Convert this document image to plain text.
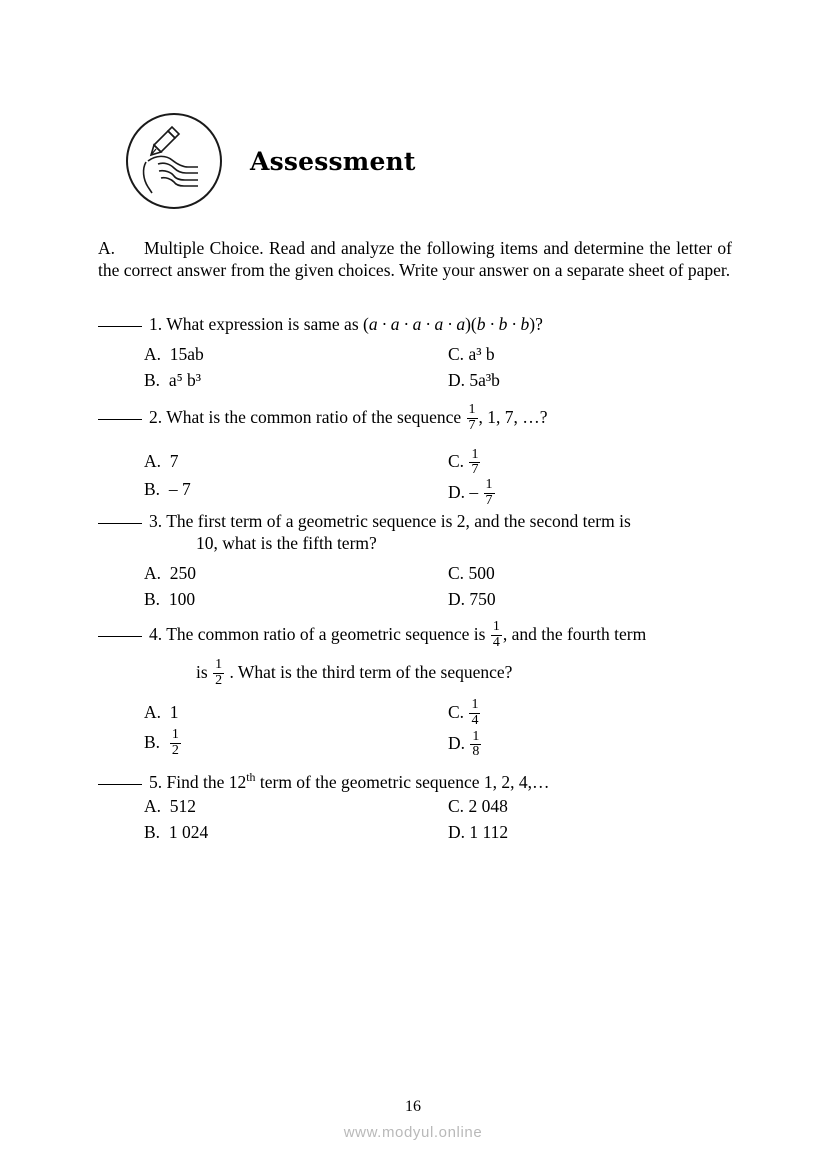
Assessment
A. Multiple Choice. Read and analyze the following items and determine the letter of the correct answer from the given choices. Write your answer on a separate sheet of paper.
1. What expression is same as (a · a · a · a · a)(b · b · b)?
A.  15ab
B.  a⁵ b³
C. a³ b
D. 5a³b
2. What is the common ratio of the sequence $\frac{1}{7}$ , 1, 7, …?
A.  7
B.  – 7
C. $\frac{1}{7}$
D. – $\frac{1}{7}$
3. The first term of a geometric sequence is 2, and the second term is
10, what is the fifth term?
A.  250
B.  100
C. 500
D. 750
4. The common ratio of a geometric sequence is $\frac{1}{4}$ , and the fourth term
is $\frac{1}{2}$ . What is the third term of the sequence?
A.  1
B. $\frac{1}{2}$
C. $\frac{1}{4}$
D. $\frac{1}{8}$
5. Find the 12th term of the geometric sequence 1, 2, 4,…
A.  512
B.  1 024
C. 2 048
D. 1 112
16
www.modyul.online
